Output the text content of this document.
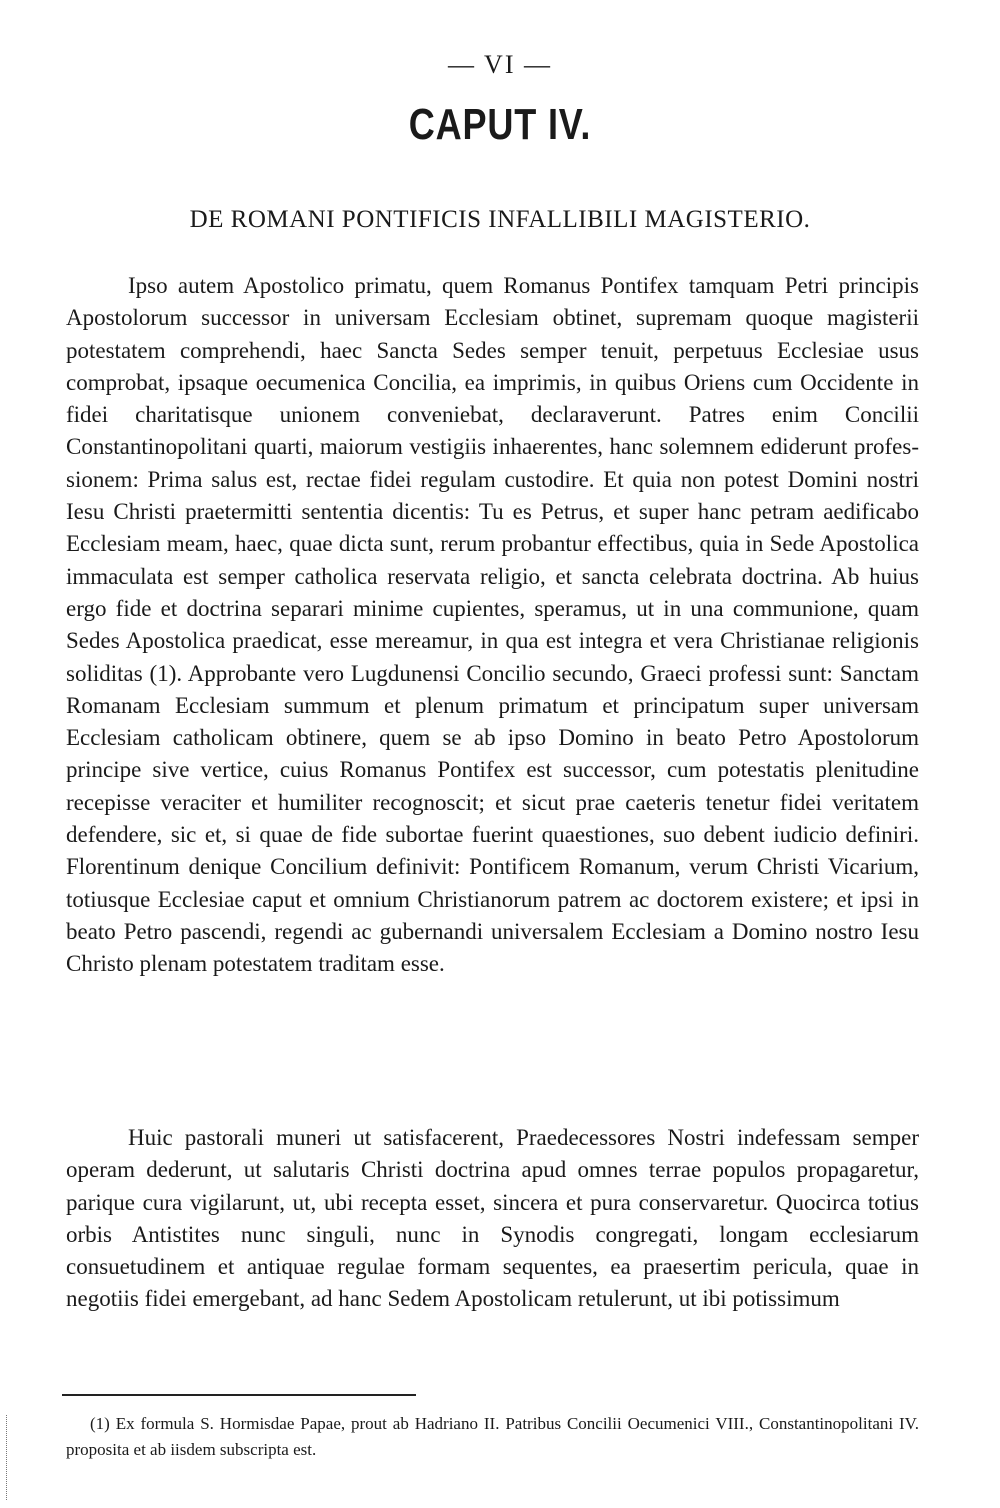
— VI —
CAPUT IV.
DE ROMANI PONTIFICIS INFALLIBILI MAGISTERIO.

Ipso autem Apostolico primatu, quem Romanus Pontifex tamquam Petri principis Apostolorum successor in universam Ecclesiam obtinet, supremam quoque magisterii potestatem comprehendi, haec Sancta Sedes semper tenuit, perpetuus Ecclesiae usus comprobat, ipsaque oecumenica Concilia, ea imprimis, in quibus Oriens cum Occidente in fidei charitatisque unionem conveniebat, declaraverunt. Patres enim Concilii Constantinopolitani quarti, maiorum vestigiis inhaerentes, hanc solemnem ediderunt professionem: Prima salus est, rectae fidei regulam custodire. Et quia non potest Domini nostri Iesu Christi praetermitti sententia dicentis: Tu es Petrus, et super hanc petram aedificabo Ecclesiam meam, haec, quae dicta sunt, rerum probantur effectibus, quia in Sede Apostolica immaculata est semper catholica reservata religio, et sancta celebrata doctrina. Ab huius ergo fide et doctrina separari minime cupientes, speramus, ut in una communione, quam Sedes Apostolica praedicat, esse mereamur, in qua est integra et vera Christianae religionis soliditas (1). Approbante vero Lugdunensi Concilio secundo, Graeci professi sunt: Sanctam Romanam Ecclesiam summum et plenum primatum et principatum super universam Ecclesiam catholicam obtinere, quem se ab ipso Domino in beato Petro Apostolorum principe sive vertice, cuius Romanus Pontifex est successor, cum potestatis plenitudine recepisse veraciter et humiliter recognoscit; et sicut prae caeteris tenetur fidei veritatem defendere, sic et, si quae de fide subortae fuerint quaestiones, suo debent iudicio definiri. Florentinum denique Concilium definivit: Pontificem Romanum, verum Christi Vicarium, totiusque Ecclesiae caput et omnium Christianorum patrem ac doctorem existere; et ipsi in beato Petro pascendi, regendi ac gubernandi universalem Ecclesiam a Domino nostro Iesu Christo plenam potestatem traditam esse.

Huic pastorali muneri ut satisfacerent, Praedecessores Nostri indefessam semper operam dederunt, ut salutaris Christi doctrina apud omnes terrae populos propagaretur, parique cura vigilarunt, ut, ubi recepta esset, sincera et pura conservaretur. Quocirca totius orbis Antistites nunc singuli, nunc in Synodis congregati, longam ecclesiarum consuetudinem et antiquae regulae formam sequentes, ea praesertim pericula, quae in negotiis fidei emergebant, ad hanc Sedem Apostolicam retulerunt, ut ibi potissimum

(1) Ex formula S. Hormisdae Papae, prout ab Hadriano II. Patribus Concilii Oecumenici VIII., Constantinopolitani IV. proposita et ab iisdem subscripta est.
